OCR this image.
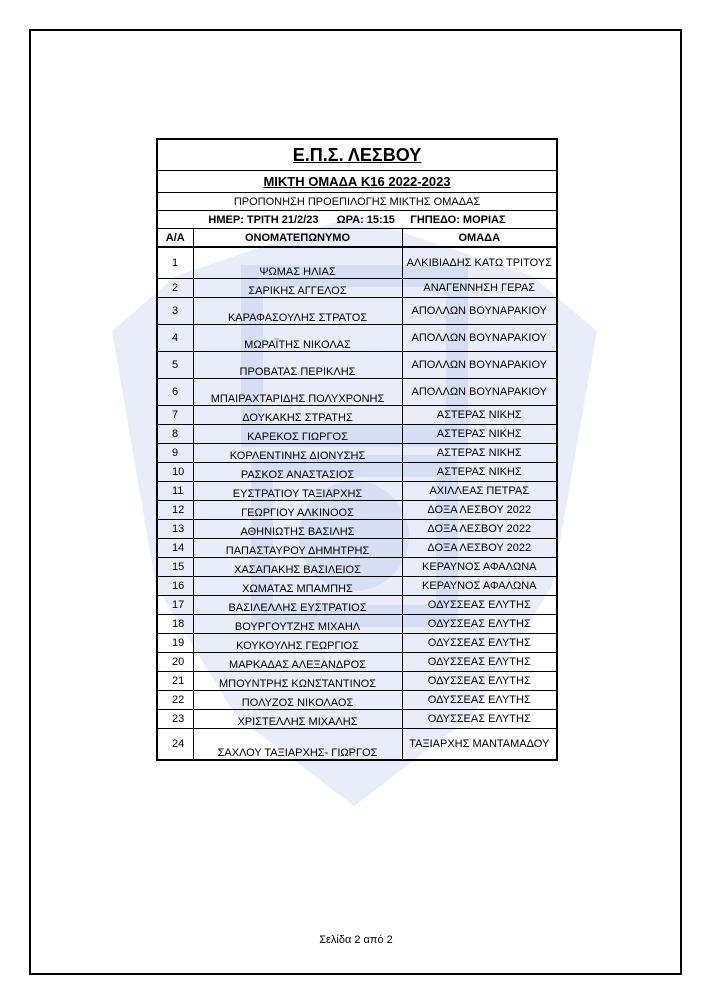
Ε.Π.Σ. ΛΕΣΒΟΥ		
ΜΙΚΤΗ ΟΜΑΔΑ Κ16 2022-2023		
ΠΡΟΠΟΝΗΣΗ ΠΡΟΕΠΙΛΟΓΗΣ ΜΙΚΤΗΣ ΟΜΑΔΑΣ		
ΗΜΕΡ: ΤΡΙΤΗ 21/2/23      ΩΡΑ: 15:15     ΓΗΠΕΔΟ: ΜΟΡΙΑΣ		
Α/Α	ΟΝΟΜΑΤΕΠΩΝΥΜΟ	ΟΜΑΔΑ
1	ΨΩΜΑΣ ΗΛΙΑΣ	ΑΛΚΙΒΙΑΔΗΣ ΚΑΤΩ ΤΡΙΤΟΥΣ
2	ΣΑΡΙΚΗΣ ΑΓΓΕΛΟΣ	ΑΝΑΓΕΝΝΗΣΗ ΓΕΡΑΣ
3	ΚΑΡΑΦΑΣΟΥΛΗΣ ΣΤΡΑΤΟΣ	ΑΠΟΛΛΩΝ ΒΟΥΝΑΡΑΚΙΟΥ
4	ΜΩΡΑΪΤΗΣ ΝΙΚΟΛΑΣ	ΑΠΟΛΛΩΝ ΒΟΥΝΑΡΑΚΙΟΥ
5	ΠΡΟΒΑΤΑΣ ΠΕΡΙΚΛΗΣ	ΑΠΟΛΛΩΝ ΒΟΥΝΑΡΑΚΙΟΥ
6	ΜΠΑΙΡΑΧΤΑΡΙΔΗΣ ΠΟΛΥΧΡΟΝΗΣ	ΑΠΟΛΛΩΝ ΒΟΥΝΑΡΑΚΙΟΥ
7	ΔΟΥΚΑΚΗΣ ΣΤΡΑΤΗΣ	ΑΣΤΕΡΑΣ ΝΙΚΗΣ
8	ΚΑΡΕΚΟΣ ΓΙΩΡΓΟΣ	ΑΣΤΕΡΑΣ ΝΙΚΗΣ
9	ΚΟΡΛΕΝΤΙΝΗΣ ΔΙΟΝΥΣΗΣ	ΑΣΤΕΡΑΣ ΝΙΚΗΣ
10	ΡΑΣΚΟΣ ΑΝΑΣΤΑΣΙΟΣ	ΑΣΤΕΡΑΣ ΝΙΚΗΣ
11	ΕΥΣΤΡΑΤΙΟΥ ΤΑΞΙΑΡΧΗΣ	ΑΧΙΛΛΕΑΣ ΠΕΤΡΑΣ
12	ΓΕΩΡΓΙΟΥ ΑΛΚΙΝΟΟΣ	ΔΟΞΑ ΛΕΣΒΟΥ 2022
13	ΑΘΗΝΙΩΤΗΣ ΒΑΣΙΛΗΣ	ΔΟΞΑ ΛΕΣΒΟΥ 2022
14	ΠΑΠΑΣΤΑΥΡΟΥ ΔΗΜΗΤΡΗΣ	ΔΟΞΑ ΛΕΣΒΟΥ 2022
15	ΧΑΣΑΠΑΚΗΣ ΒΑΣΙΛΕΙΟΣ	ΚΕΡΑΥΝΟΣ ΑΦΑΛΩΝΑ
16	ΧΩΜΑΤΑΣ ΜΠΑΜΠΗΣ	ΚΕΡΑΥΝΟΣ ΑΦΑΛΩΝΑ
17	ΒΑΣΙΛΕΛΛΗΣ ΕΥΣΤΡΑΤΙΟΣ	ΟΔΥΣΣΕΑΣ ΕΛΥΤΗΣ
18	ΒΟΥΡΓΟΥΤΖΗΣ ΜΙΧΑΗΛ	ΟΔΥΣΣΕΑΣ ΕΛΥΤΗΣ
19	ΚΟΥΚΟΥΛΗΣ ΓΕΩΡΓΙΟΣ	ΟΔΥΣΣΕΑΣ ΕΛΥΤΗΣ
20	ΜΑΡΚΑΔΑΣ ΑΛΕΞΑΝΔΡΟΣ	ΟΔΥΣΣΕΑΣ ΕΛΥΤΗΣ
21	ΜΠΟΥΝΤΡΗΣ ΚΩΝΣΤΑΝΤΙΝΟΣ	ΟΔΥΣΣΕΑΣ ΕΛΥΤΗΣ
22	ΠΟΛΥΖΟΣ ΝΙΚΟΛΑΟΣ	ΟΔΥΣΣΕΑΣ ΕΛΥΤΗΣ
23	ΧΡΙΣΤΕΛΛΗΣ ΜΙΧΑΛΗΣ	ΟΔΥΣΣΕΑΣ ΕΛΥΤΗΣ
24	ΣΑΧΛΟΥ ΤΑΞΙΑΡΧΗΣ- ΓΙΩΡΓΟΣ	ΤΑΞΙΑΡΧΗΣ ΜΑΝΤΑΜΑΔΟΥ
Σελίδα 2 από 2
